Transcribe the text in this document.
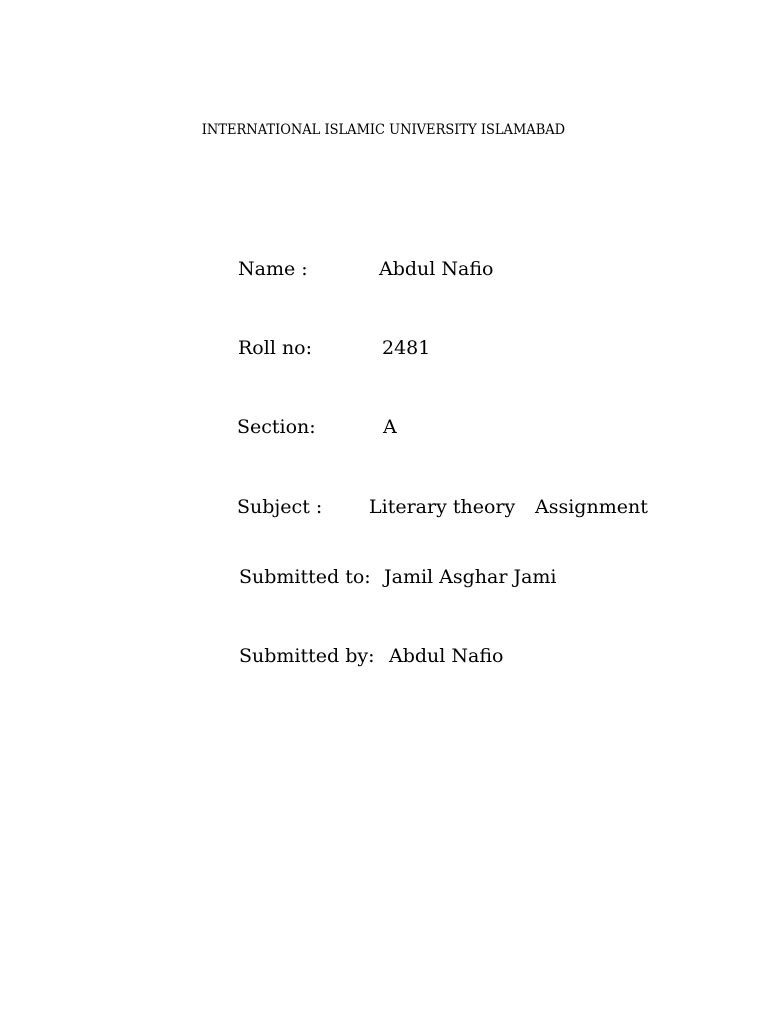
INTERNATIONAL ISLAMIC UNIVERSITY ISLAMABAD
Name :	Abdul Nafio
Roll no:	2481
Section:	A
Subject : Literary theory Assignment
Submitted to: Jamil Asghar Jami
Submitted by: Abdul Nafio
